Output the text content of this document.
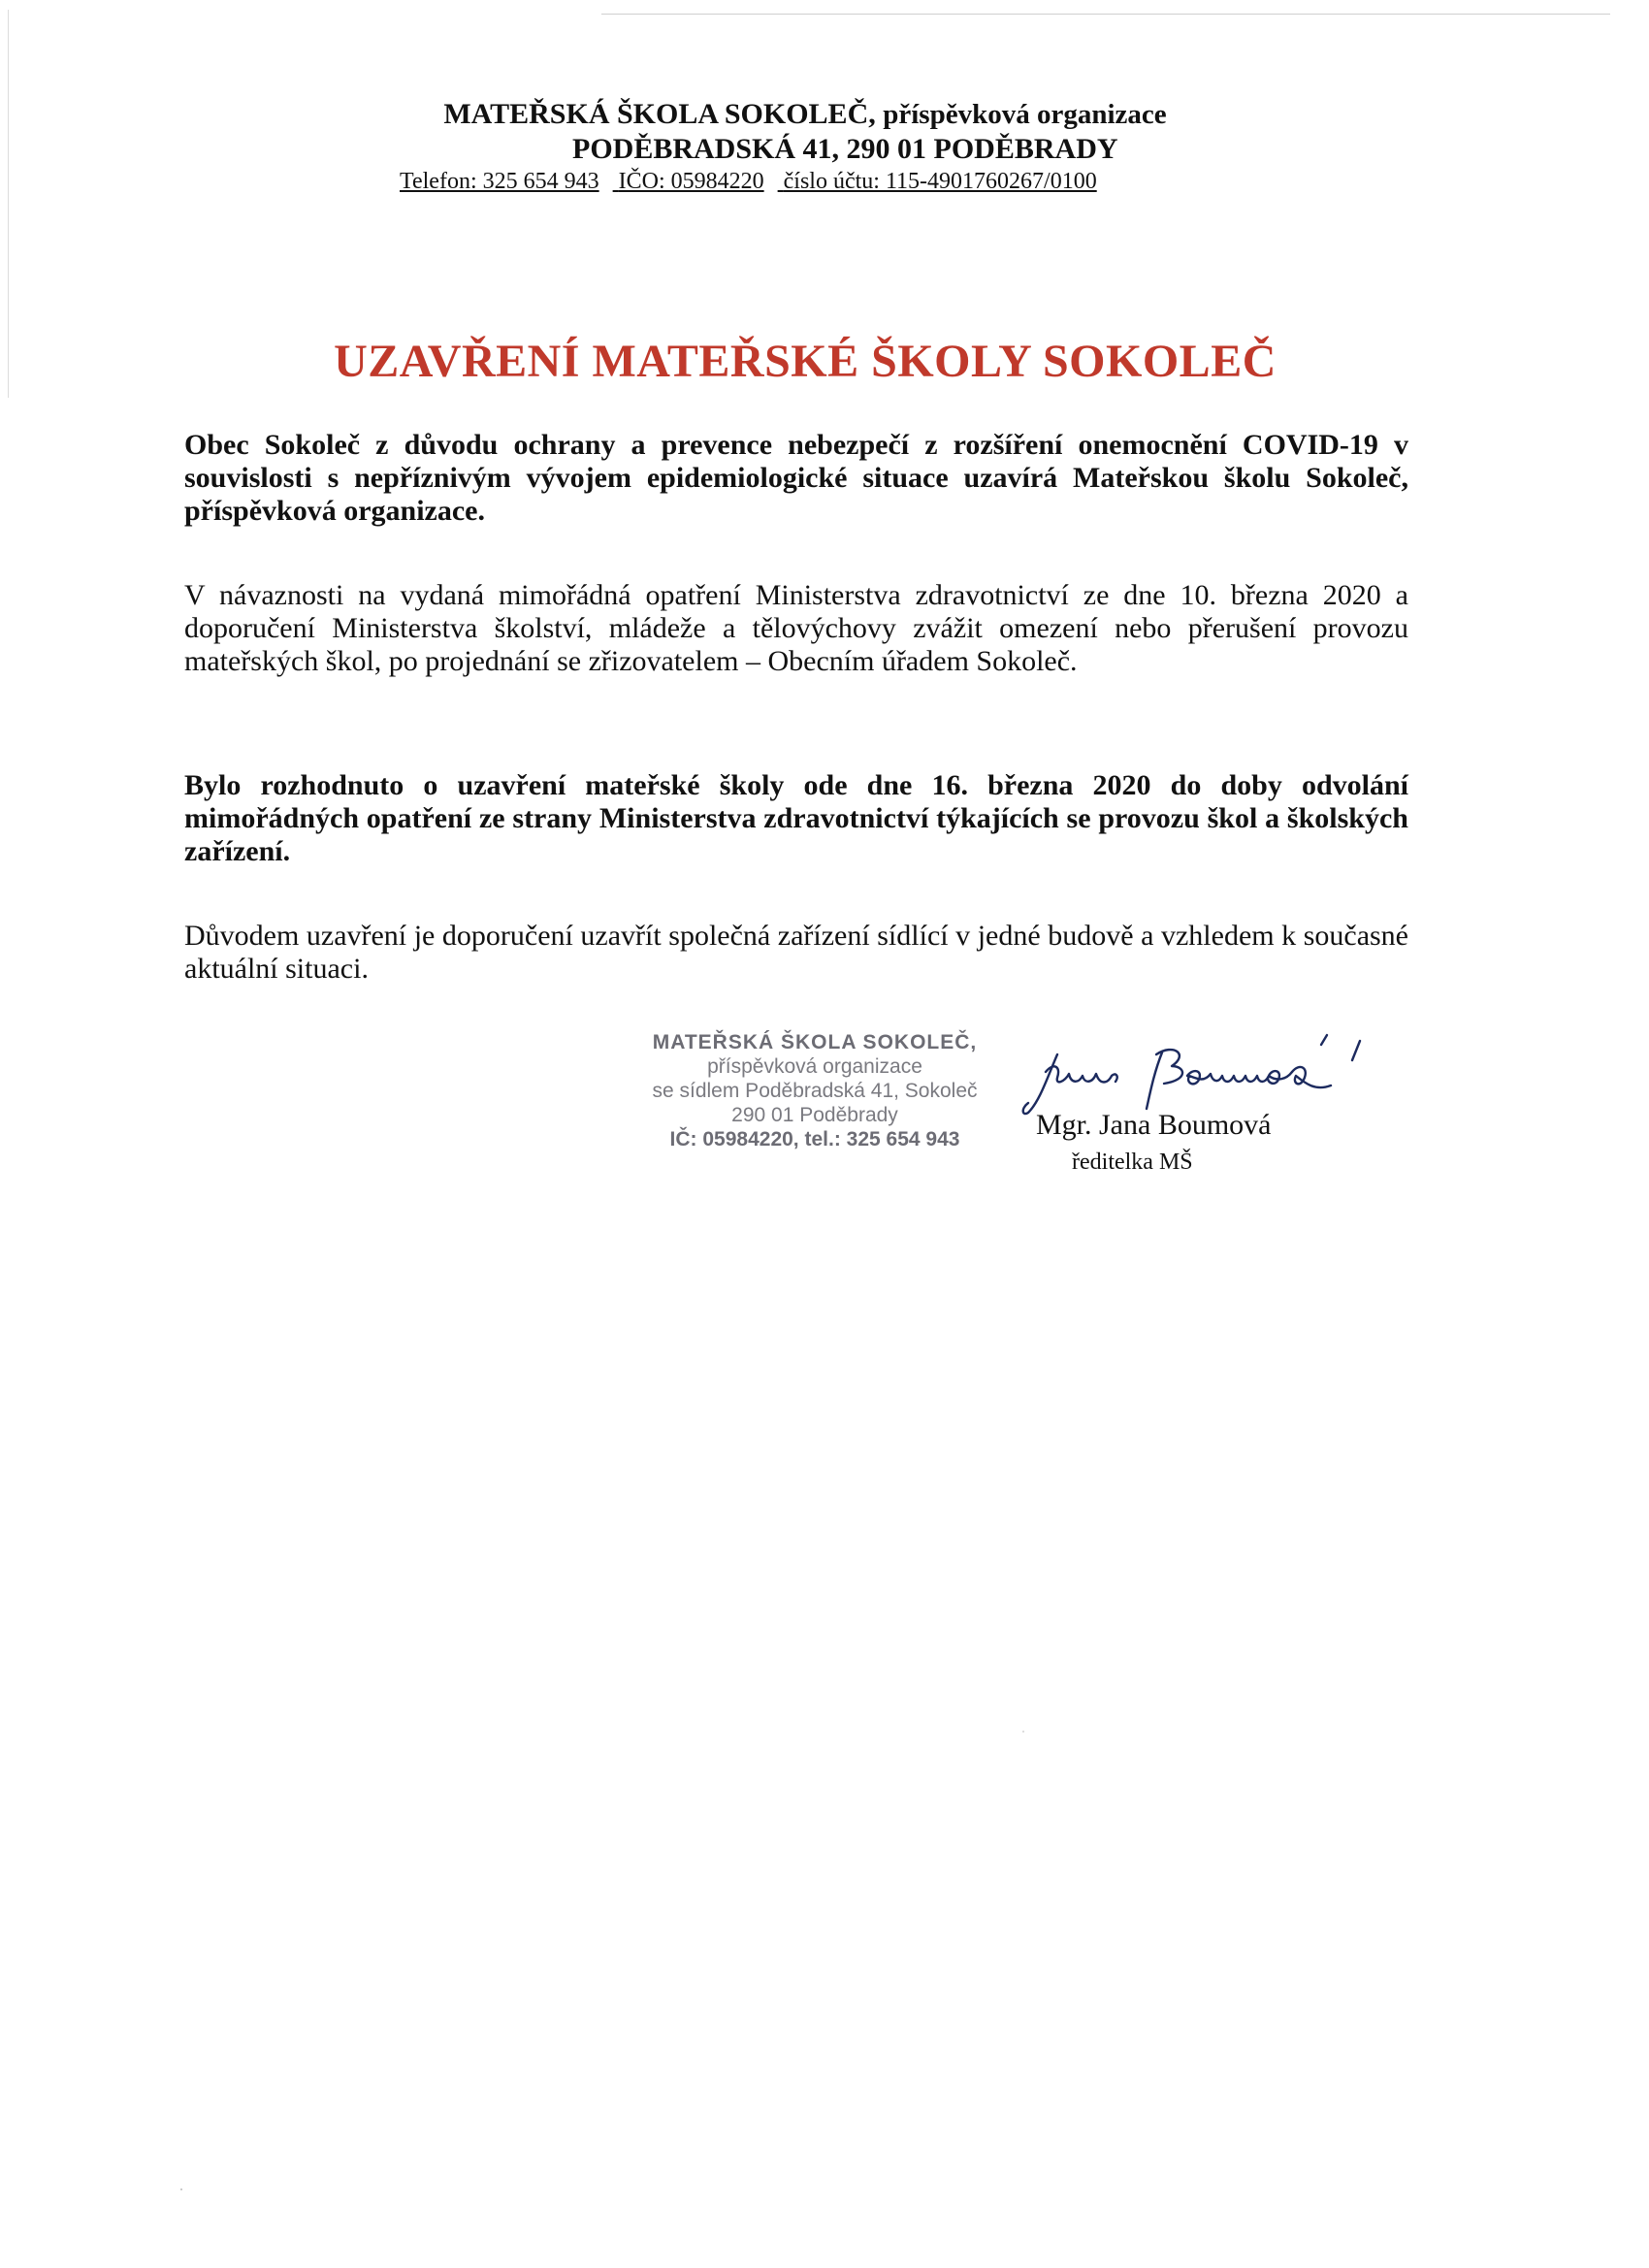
MATEŘSKÁ ŠKOLA SOKOLEČ, příspěvková organizace
PODĚBRADSKÁ 41, 290 01 PODĚBRADY
Telefon: 325 654 943 IČO: 05984220 číslo účtu: 115-4901760267/0100
UZAVŘENÍ MATEŘSKÉ ŠKOLY SOKOLEČ
Obec Sokoleč z důvodu ochrany a prevence nebezpečí z rozšíření onemocnění COVID-19 v souvislosti s nepříznivým vývojem epidemiologické situace uzavírá Mateřskou školu Sokoleč, příspěvková organizace.
V návaznosti na vydaná mimořádná opatření Ministerstva zdravotnictví ze dne 10. března 2020 a doporučení Ministerstva školství, mládeže a tělovýchovy zvážit omezení nebo přerušení provozu mateřských škol, po projednání se zřizovatelem – Obecním úřadem Sokoleč.
Bylo rozhodnuto o uzavření mateřské školy ode dne 16. března 2020 do doby odvolání mimořádných opatření ze strany Ministerstva zdravotnictví týkajících se provozu škol a školských zařízení.
Důvodem uzavření je doporučení uzavřít společná zařízení sídlící v jedné budově a vzhledem k současné aktuální situaci.
MATEŘSKÁ ŠKOLA SOKOLEČ,
příspěvková organizace
se sídlem Poděbradská 41, Sokoleč
290 01 Poděbrady
IČ: 05984220, tel.: 325 654 943	Mgr. Jana Boumová
ředitelka MŠ
